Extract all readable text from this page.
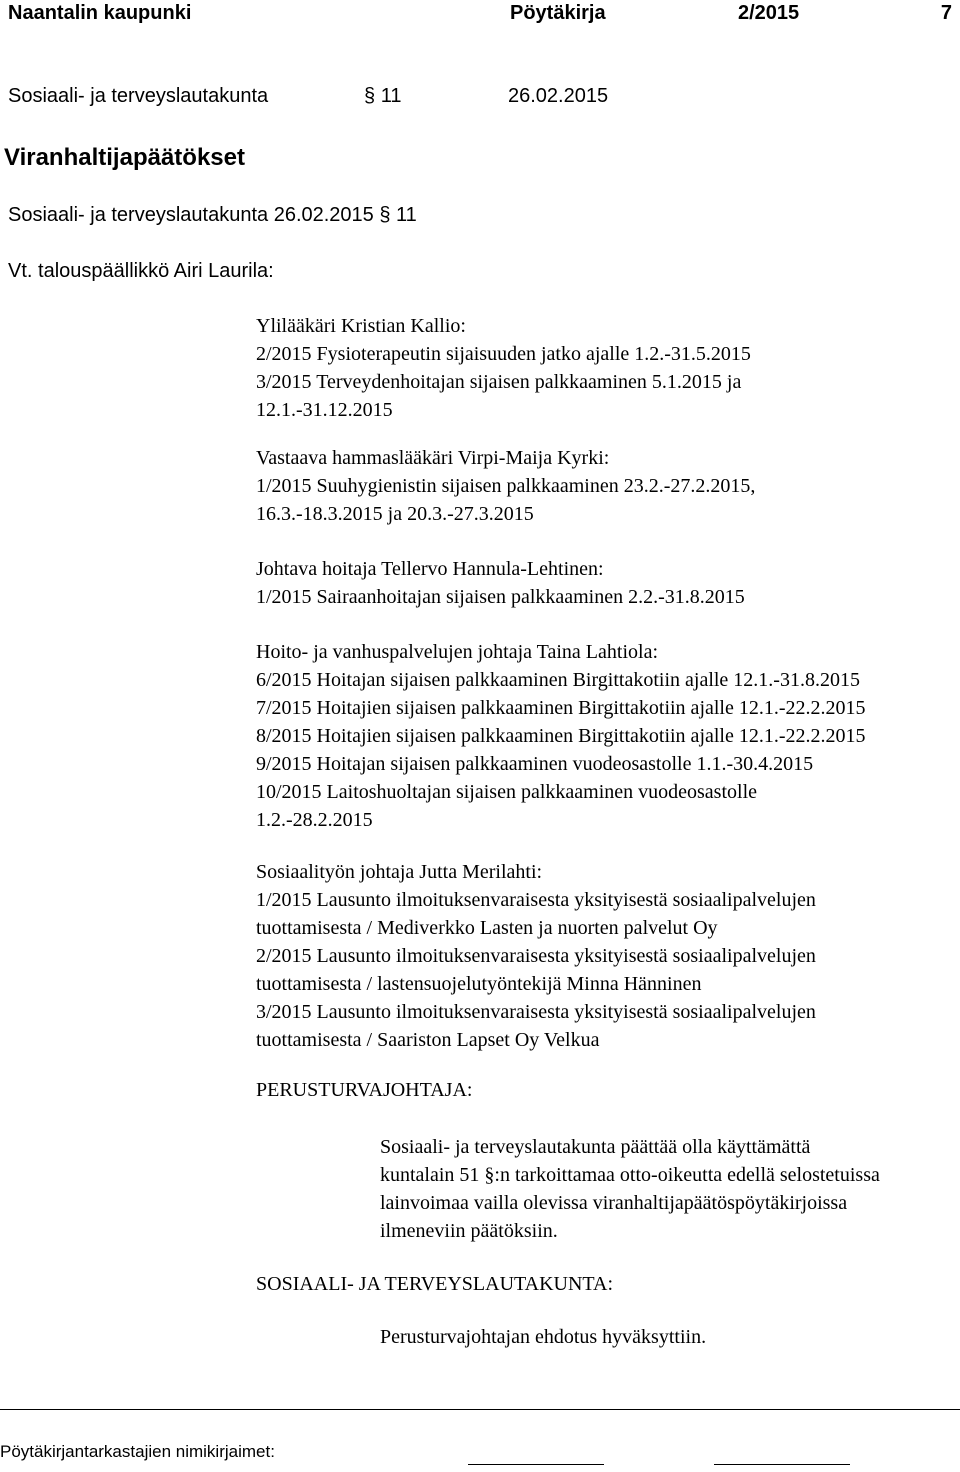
Naantalin kaupunki	Pöytäkirja	2/2015	7
Sosiaali- ja terveyslautakunta	§ 11	26.02.2015
Viranhaltijapäätökset
Sosiaali- ja terveyslautakunta 26.02.2015 § 11
Vt. talouspäällikkö Airi Laurila:
Ylilääkäri Kristian Kallio:
2/2015 Fysioterapeutin sijaisuuden jatko ajalle 1.2.-31.5.2015
3/2015 Terveydenhoitajan sijaisen palkkaaminen 5.1.2015 ja
12.1.-31.12.2015
Vastaava hammaslääkäri Virpi-Maija Kyrki:
1/2015 Suuhygienistin sijaisen palkkaaminen 23.2.-27.2.2015,
16.3.-18.3.2015 ja 20.3.-27.3.2015
Johtava hoitaja Tellervo Hannula-Lehtinen:
1/2015 Sairaanhoitajan sijaisen palkkaaminen 2.2.-31.8.2015
Hoito- ja vanhuspalvelujen johtaja Taina Lahtiola:
6/2015 Hoitajan sijaisen palkkaaminen Birgittakotiin ajalle 12.1.-31.8.2015
7/2015 Hoitajien sijaisen palkkaaminen Birgittakotiin ajalle 12.1.-22.2.2015
8/2015 Hoitajien sijaisen palkkaaminen Birgittakotiin ajalle 12.1.-22.2.2015
9/2015 Hoitajan sijaisen palkkaaminen vuodeosastolle 1.1.-30.4.2015
10/2015 Laitoshuoltajan sijaisen palkkaaminen vuodeosastolle
1.2.-28.2.2015
Sosiaalityön johtaja Jutta Merilahti:
1/2015 Lausunto ilmoituksenvaraisesta yksityisestä sosiaalipalvelujen
tuottamisesta / Mediverkko Lasten ja nuorten palvelut Oy
2/2015 Lausunto ilmoituksenvaraisesta yksityisestä sosiaalipalvelujen
tuottamisesta / lastensuojelutyöntekijä Minna Hänninen
3/2015 Lausunto ilmoituksenvaraisesta yksityisestä sosiaalipalvelujen
tuottamisesta / Saariston Lapset Oy Velkua
PERUSTURVAJOHTAJA:
Sosiaali- ja terveyslautakunta päättää olla käyttämättä
kuntalain 51 §:n tarkoittamaa otto-oikeutta edellä selostetuissa
lainvoimaa vailla olevissa viranhaltijapäätöspöytäkirjoissa
ilmeneviin päätöksiin.
SOSIAALI- JA TERVEYSLAUTAKUNTA:
Perusturvajohtajan ehdotus hyväksyttiin.
Pöytäkirjantarkastajien nimikirjaimet:
